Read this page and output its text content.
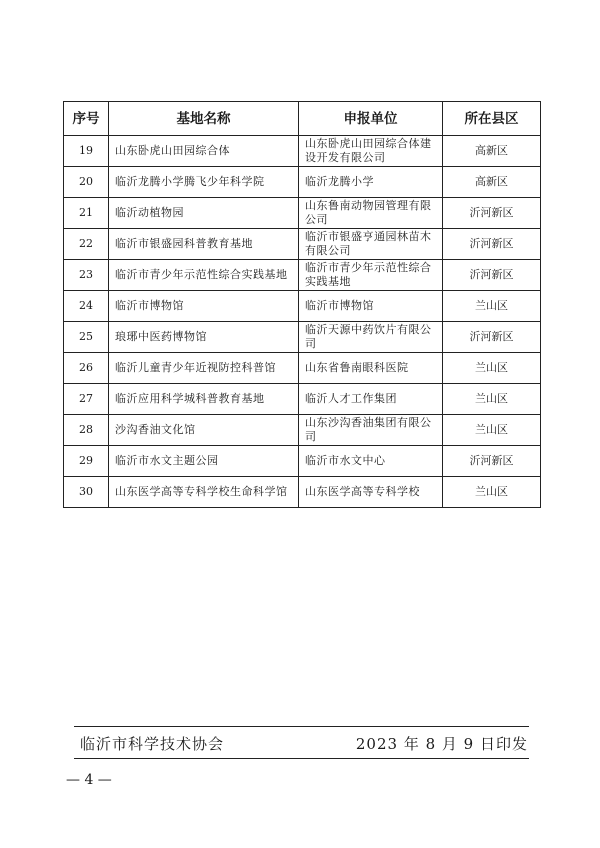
序号	基地名称	申报单位	所在县区
19	山东卧虎山田园综合体	山东卧虎山田园综合体建设开发有限公司	高新区
20	临沂龙腾小学腾飞少年科学院	临沂龙腾小学	高新区
21	临沂动植物园	山东鲁南动物园管理有限公司	沂河新区
22	临沂市银盛园科普教育基地	临沂市银盛亨通园林苗木有限公司	沂河新区
23	临沂市青少年示范性综合实践基地	临沂市青少年示范性综合实践基地	沂河新区
24	临沂市博物馆	临沂市博物馆	兰山区
25	琅琊中医药博物馆	临沂天源中药饮片有限公司	沂河新区
26	临沂儿童青少年近视防控科普馆	山东省鲁南眼科医院	兰山区
27	临沂应用科学城科普教育基地	临沂人才工作集团	兰山区
28	沙沟香油文化馆	山东沙沟香油集团有限公司	兰山区
29	临沂市水文主题公园	临沂市水文中心	沂河新区
30	山东医学高等专科学校生命科学馆	山东医学高等专科学校	兰山区
临沂市科学技术协会	2023 年 8 月 9 日印发
— 4 —
